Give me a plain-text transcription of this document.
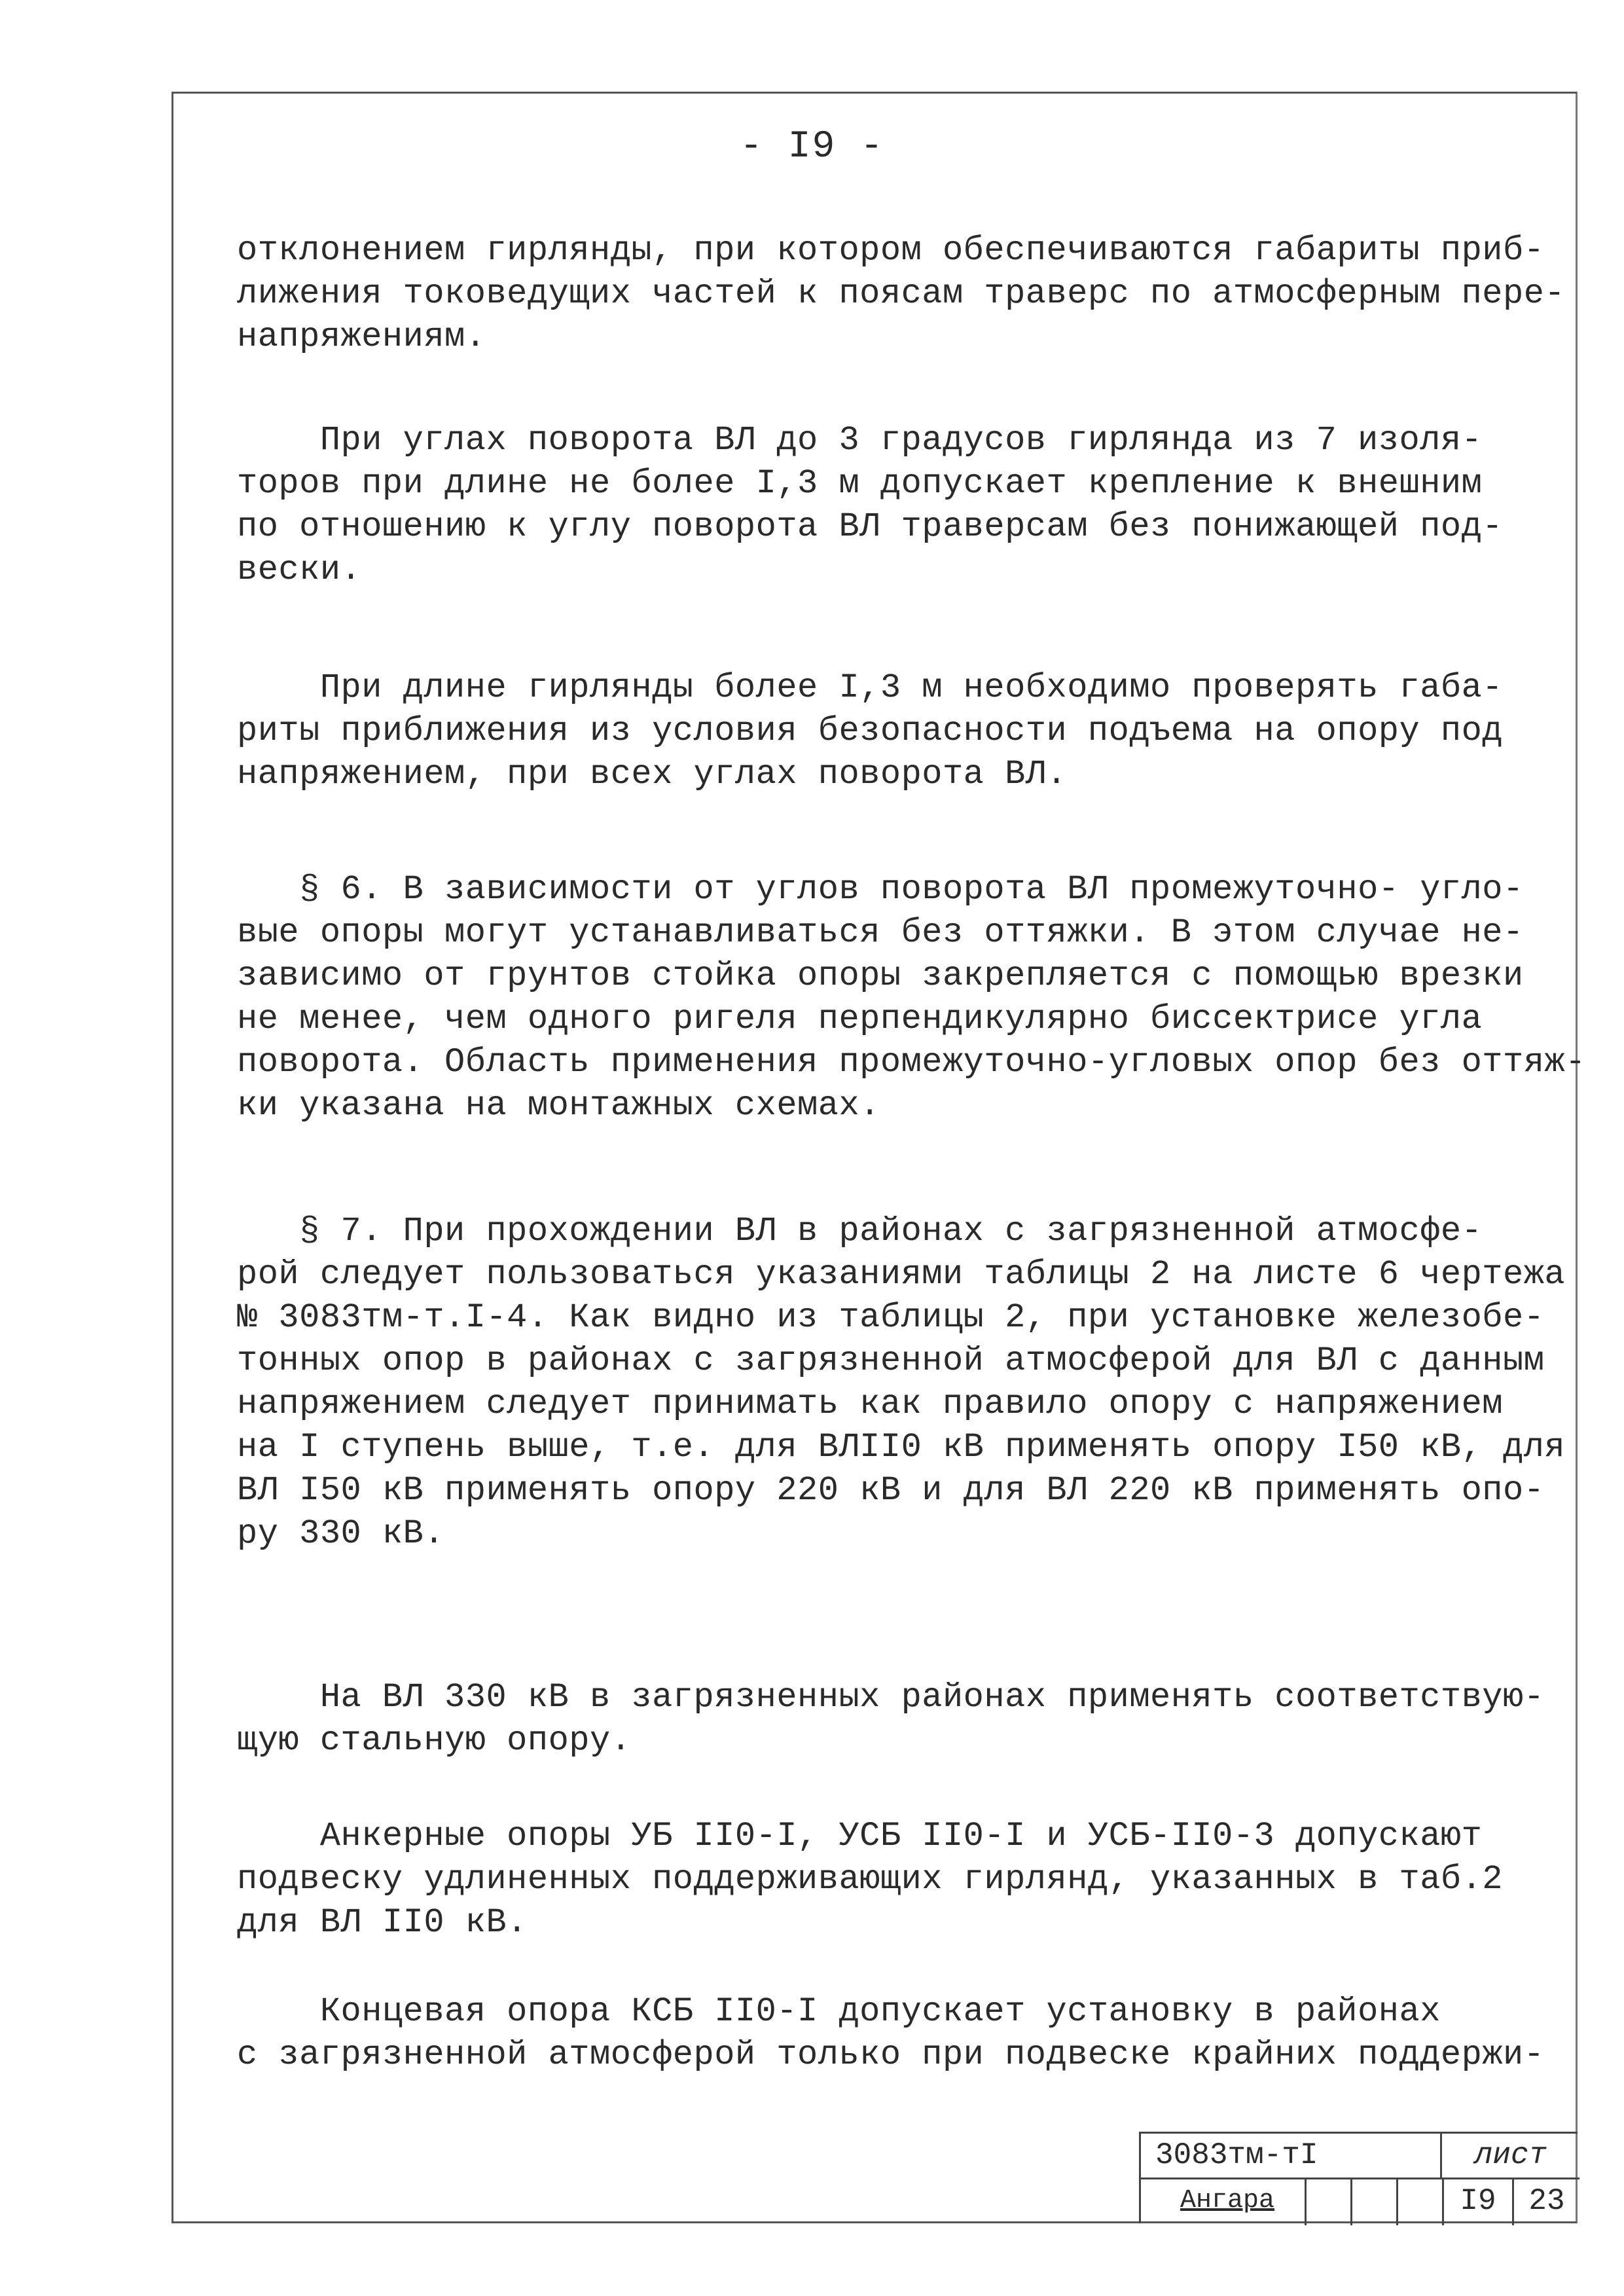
- I9 -
отклонением гирлянды, при котором обеспечиваются габариты приб-
лижения токоведущих частей к поясам траверс по атмосферным пере-
напряжениям.
При углах поворота ВЛ до 3 градусов гирлянда из 7 изоля-
торов при длине не более I,3 м допускает крепление к внешним
по отношению к углу поворота ВЛ траверсам без понижающей под-
вески.
При длине гирлянды более I,3 м необходимо проверять габа-
риты приближения из условия безопасности подъема на опору под
напряжением, при всех углах поворота ВЛ.
§ 6. В зависимости от углов поворота ВЛ промежуточно- угло-
вые опоры могут устанавливаться без оттяжки. В этом случае не-
зависимо от грунтов стойка опоры закрепляется с помощью врезки
не менее, чем одного ригеля перпендикулярно биссектрисе угла
поворота. Область применения промежуточно-угловых опор без оттяж-
ки указана на монтажных схемах.
§ 7. При прохождении ВЛ в районах с загрязненной атмосфе-
рой следует пользоваться указаниями таблицы 2 на листе 6 чертежа
№ 3083тм-т.I-4. Как видно из таблицы 2, при установке железобе-
тонных опор в районах с загрязненной атмосферой для ВЛ с данным
напряжением следует принимать как правило опору с напряжением
на I ступень выше, т.е. для ВЛII0 кВ применять опору I50 кВ, для
ВЛ I50 кВ применять опору 220 кВ и для ВЛ 220 кВ применять опо-
ру 330 кВ.
На ВЛ 330 кВ в загрязненных районах применять соответствую-
щую стальную опору.
Анкерные опоры УБ II0-I, УСБ II0-I и УСБ-II0-3 допускают
подвеску удлиненных поддерживающих гирлянд, указанных в таб.2
для ВЛ II0 кВ.
Концевая опора КСБ II0-I допускает установку в районах
с загрязненной атмосферой только при подвеске крайних поддержи-
3083тм-тI	лист
Ангара	I9	23
